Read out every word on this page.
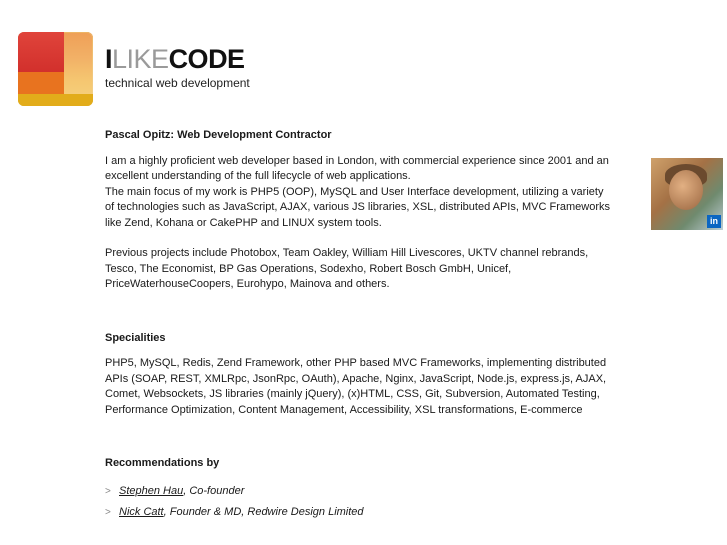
ILIKECODE
technical web development
Pascal Opitz: Web Development Contractor

I am a highly proficient web developer based in London, with commercial experience since 2001 and an excellent understanding of the full lifecycle of web applications.

The main focus of my work is PHP5 (OOP), MySQL and User Interface development, utilizing a variety of technologies such as JavaScript, AJAX, various JS libraries, XSL, distributed APIs, MVC Frameworks like Zend, Kohana or CakePHP and LINUX system tools.

Previous projects include Photobox, Team Oakley, William Hill Livescores, UKTV channel rebrands, Tesco, The Economist, BP Gas Operations, Sodexho, Robert Bosch GmbH, Unicef, PriceWaterhouseCoopers, Eurohypo, Mainova and others.

Specialities

PHP5, MySQL, Redis, Zend Framework, other PHP based MVC Frameworks, implementing distributed APIs (SOAP, REST, XMLRpc, JsonRpc, OAuth), Apache, Nginx, JavaScript, Node.js, express.js, AJAX, Comet, Websockets, JS libraries (mainly jQuery), (x)HTML, CSS, Git, Subversion, Automated Testing, Performance Optimization, Content Management, Accessibility, XSL transformations, E-commerce

Recommendations by
> Stephen Hau, Co-founder
> Nick Catt, Founder & MD, Redwire Design Limited
in
